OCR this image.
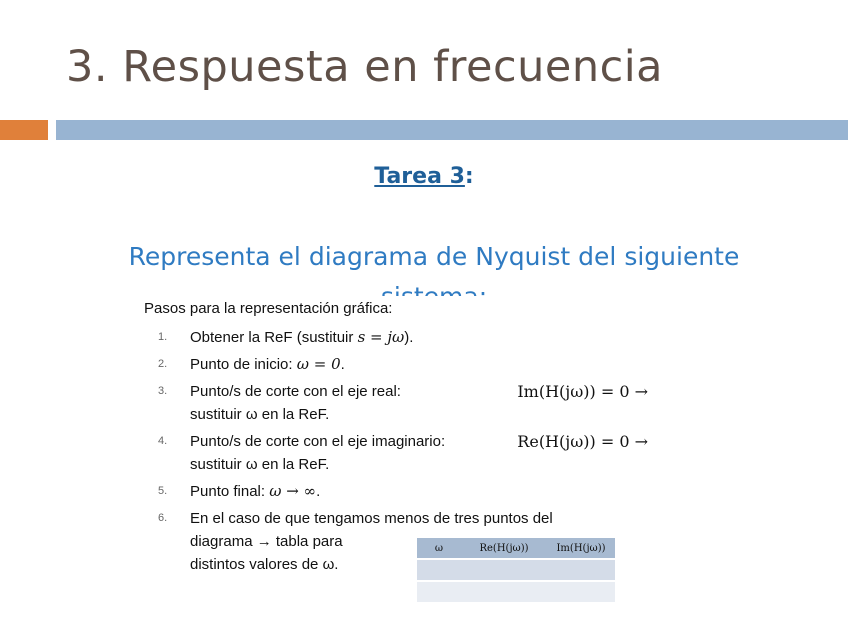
3. Respuesta en frecuencia
Tarea 3:
Representa el diagrama de Nyquist del siguiente
Pasos para la representación gráfica:
1. Obtener la ReF (sustituir s = jω).
2. Punto de inicio: ω = 0.
3. Punto/s de corte con el eje real:	Im(H(jω)) = 0 →
sustituir ω en la ReF.
4. Punto/s de corte con el eje imaginario:	Re(H(jω)) = 0 →
sustituir ω en la ReF.
5. Punto final: ω → ∞.
6. En el caso de que tengamos menos de tres puntos del
diagrama → tabla para
distintos valores de ω.
ω	Re(H(jω))	Im(H(jω))
